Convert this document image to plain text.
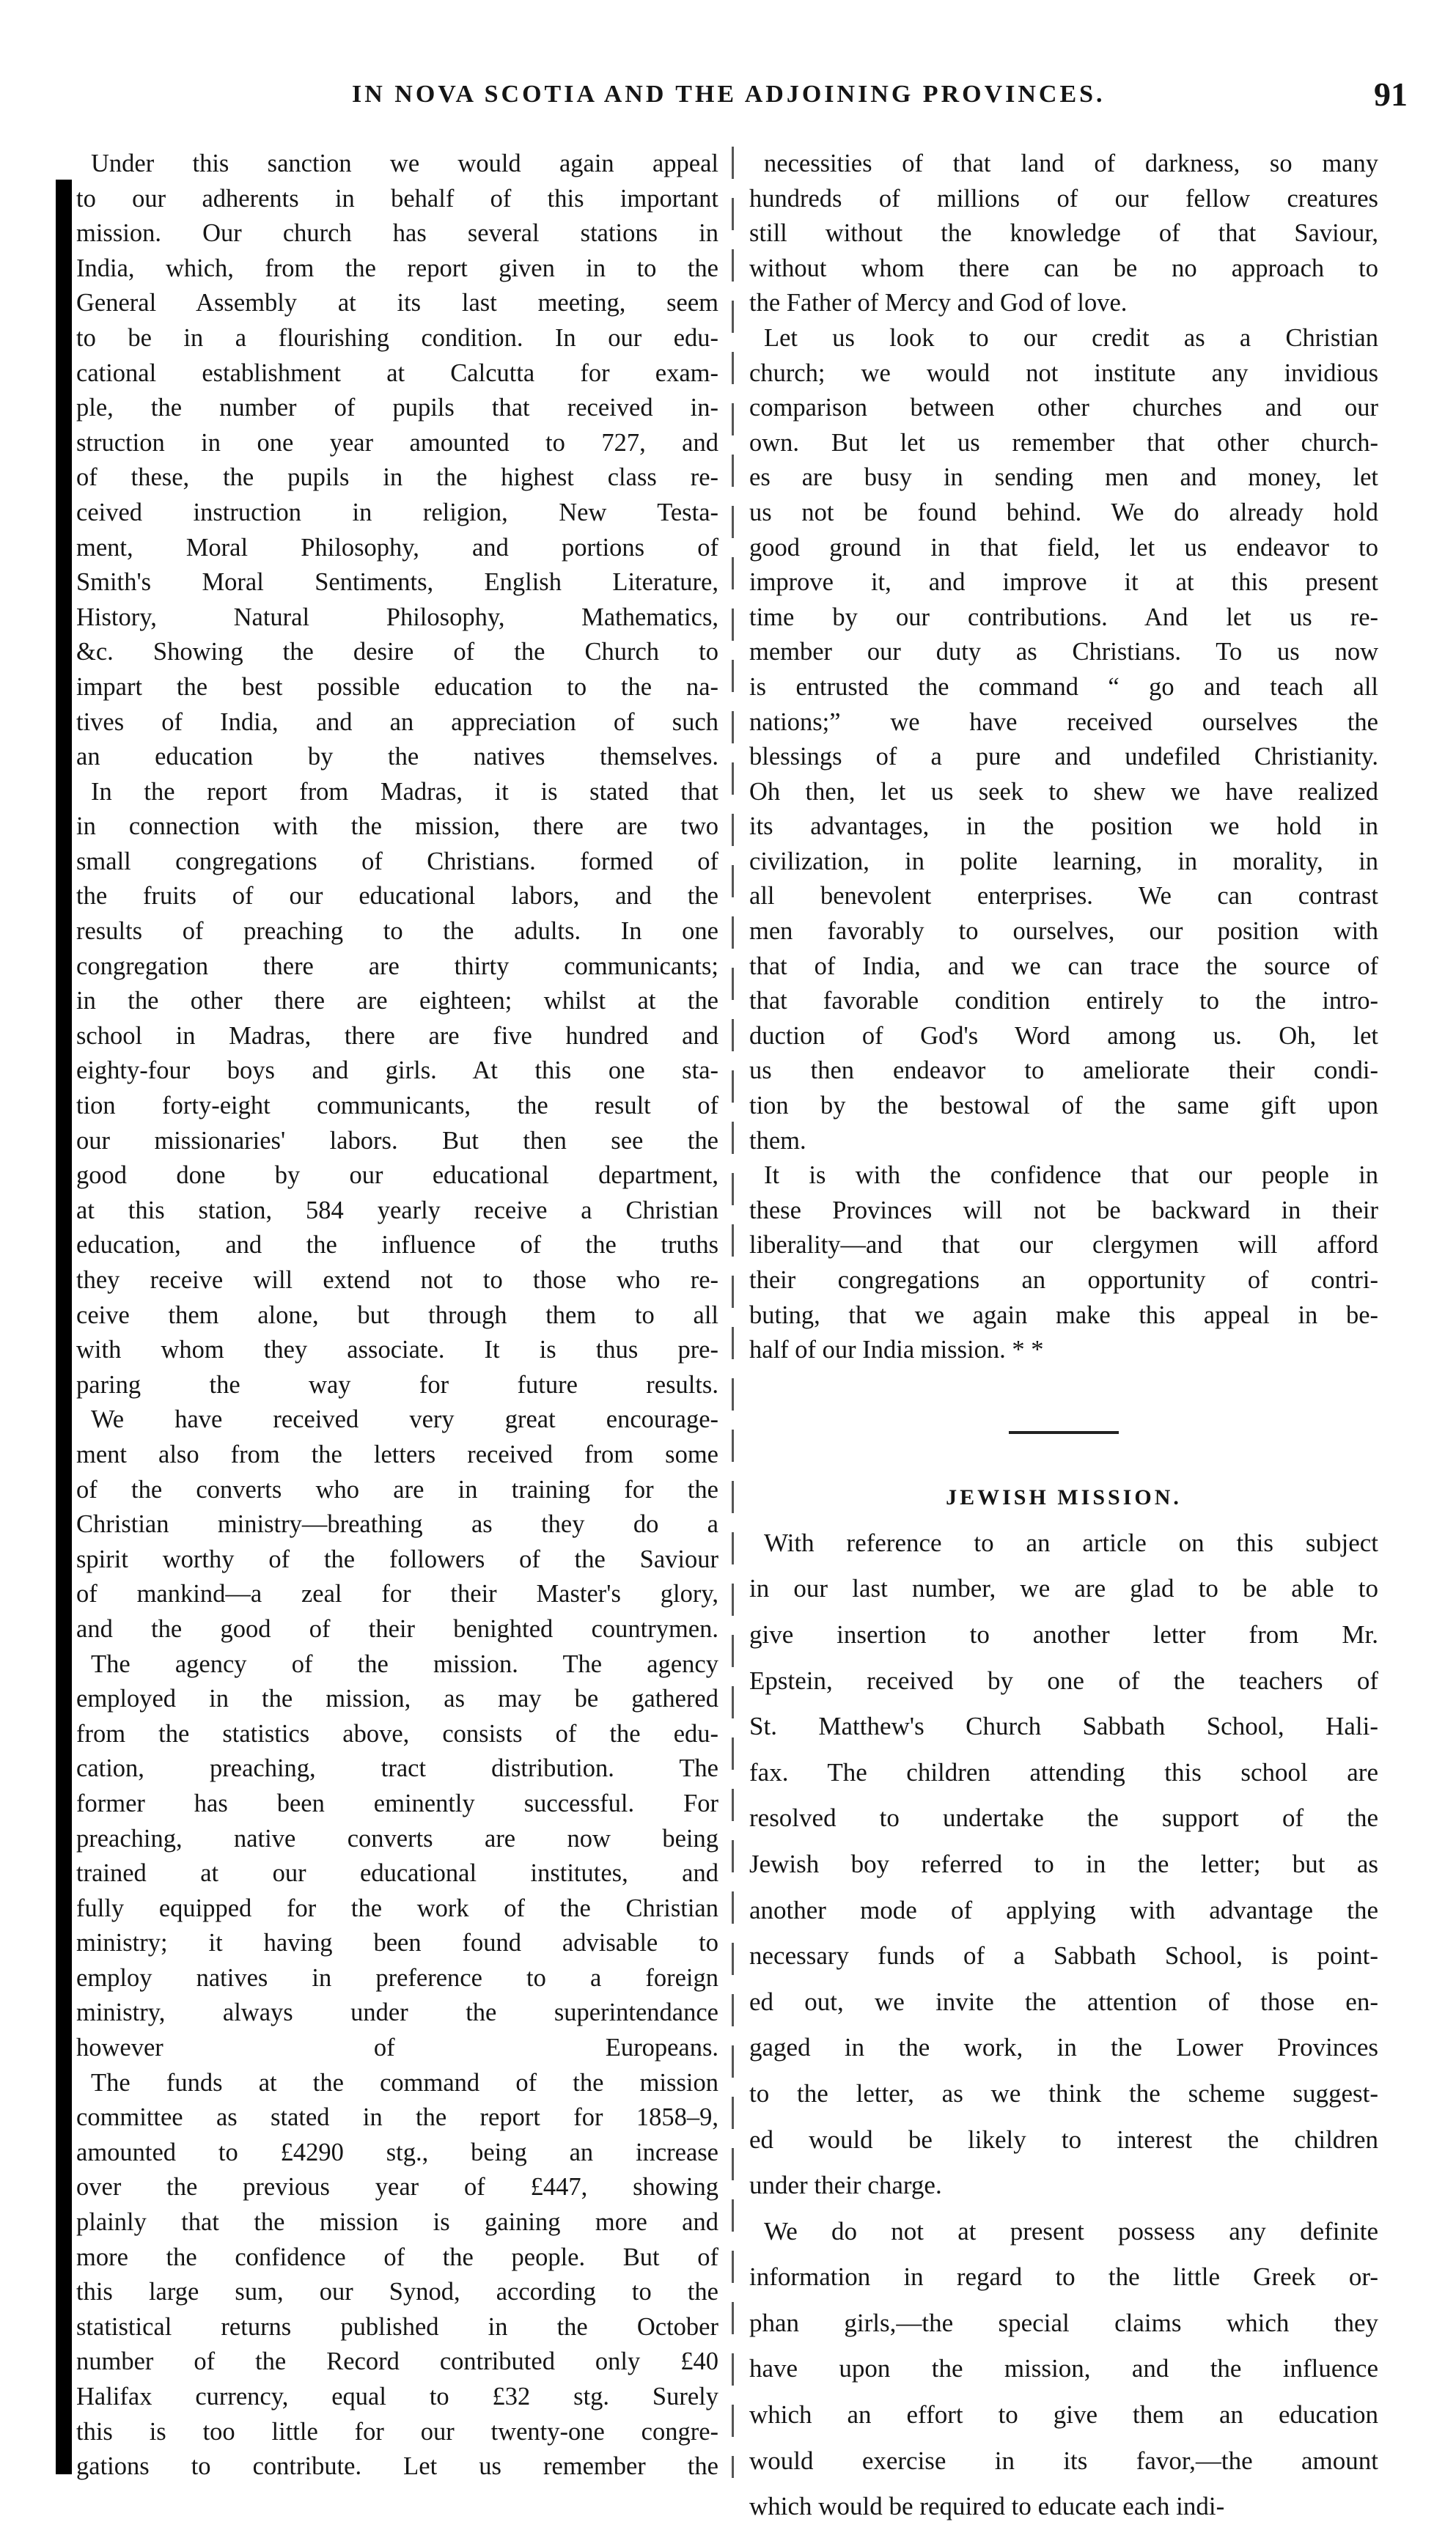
IN NOVA SCOTIA AND THE ADJOINING PROVINCES.	91
Under this sanction we would again appeal
to our adherents in behalf of this important
mission. Our church has several stations in
India, which, from the report given in to the
General Assembly at its last meeting, seem
to be in a flourishing condition. In our edu-
cational establishment at Calcutta for exam-
ple, the number of pupils that received in-
struction in one year amounted to 727, and
of these, the pupils in the highest class re-
ceived instruction in religion, New Testa-
ment, Moral Philosophy, and portions of
Smith's Moral Sentiments, English Literature,
History, Natural Philosophy, Mathematics,
&c. Showing the desire of the Church to
impart the best possible education to the na-
tives of India, and an appreciation of such
an education by the natives themselves.
In the report from Madras, it is stated that
in connection with the mission, there are two
small congregations of Christians. formed of
the fruits of our educational labors, and the
results of preaching to the adults. In one
congregation there are thirty communicants;
in the other there are eighteen; whilst at the
school in Madras, there are five hundred and
eighty-four boys and girls. At this one sta-
tion forty-eight communicants, the result of
our missionaries' labors. But then see the
good done by our educational department,
at this station, 584 yearly receive a Christian
education, and the influence of the truths
they receive will extend not to those who re-
ceive them alone, but through them to all
with whom they associate. It is thus pre-
paring the way for future results.
We have received very great encourage-
ment also from the letters received from some
of the converts who are in training for the
Christian ministry—breathing as they do a
spirit worthy of the followers of the Saviour
of mankind—a zeal for their Master's glory,
and the good of their benighted countrymen.
The agency of the mission. The agency
employed in the mission, as may be gathered
from the statistics above, consists of the edu-
cation, preaching, tract distribution. The
former has been eminently successful. For
preaching, native converts are now being
trained at our educational institutes, and
fully equipped for the work of the Christian
ministry; it having been found advisable to
employ natives in preference to a foreign
ministry, always under the superintendance
however of Europeans.
The funds at the command of the mission
committee as stated in the report for 1858–9,
amounted to £4290 stg., being an increase
over the previous year of £447, showing
plainly that the mission is gaining more and
more the confidence of the people. But of
this large sum, our Synod, according to the
statistical returns published in the October
number of the Record contributed only £40
Halifax currency, equal to £32 stg. Surely
this is too little for our twenty-one congre-
gations to contribute. Let us remember the
necessities of that land of darkness, so many
hundreds of millions of our fellow creatures
still without the knowledge of that Saviour,
without whom there can be no approach to
the Father of Mercy and God of love.
Let us look to our credit as a Christian
church; we would not institute any invidious
comparison between other churches and our
own. But let us remember that other church-
es are busy in sending men and money, let
us not be found behind. We do already hold
good ground in that field, let us endeavor to
improve it, and improve it at this present
time by our contributions. And let us re-
member our duty as Christians. To us now
is entrusted the command “ go and teach all
nations;” we have received ourselves the
blessings of a pure and undefiled Christianity.
Oh then, let us seek to shew we have realized
its advantages, in the position we hold in
civilization, in polite learning, in morality, in
all benevolent enterprises. We can contrast
men favorably to ourselves, our position with
that of India, and we can trace the source of
that favorable condition entirely to the intro-
duction of God's Word among us. Oh, let
us then endeavor to ameliorate their condi-
tion by the bestowal of the same gift upon
them.
It is with the confidence that our people in
these Provinces will not be backward in their
liberality—and that our clergymen will afford
their congregations an opportunity of contri-
buting, that we again make this appeal in be-
half of our India mission. * *
JEWISH MISSION.
With reference to an article on this subject
in our last number, we are glad to be able to
give insertion to another letter from Mr.
Epstein, received by one of the teachers of
St. Matthew's Church Sabbath School, Hali-
fax. The children attending this school are
resolved to undertake the support of the
Jewish boy referred to in the letter; but as
another mode of applying with advantage the
necessary funds of a Sabbath School, is point-
ed out, we invite the attention of those en-
gaged in the work, in the Lower Provinces
to the letter, as we think the scheme suggest-
ed would be likely to interest the children
under their charge.
We do not at present possess any definite
information in regard to the little Greek or-
phan girls,—the special claims which they
have upon the mission, and the influence
which an effort to give them an education
would exercise in its favor,—the amount
which would be required to educate each indi-
